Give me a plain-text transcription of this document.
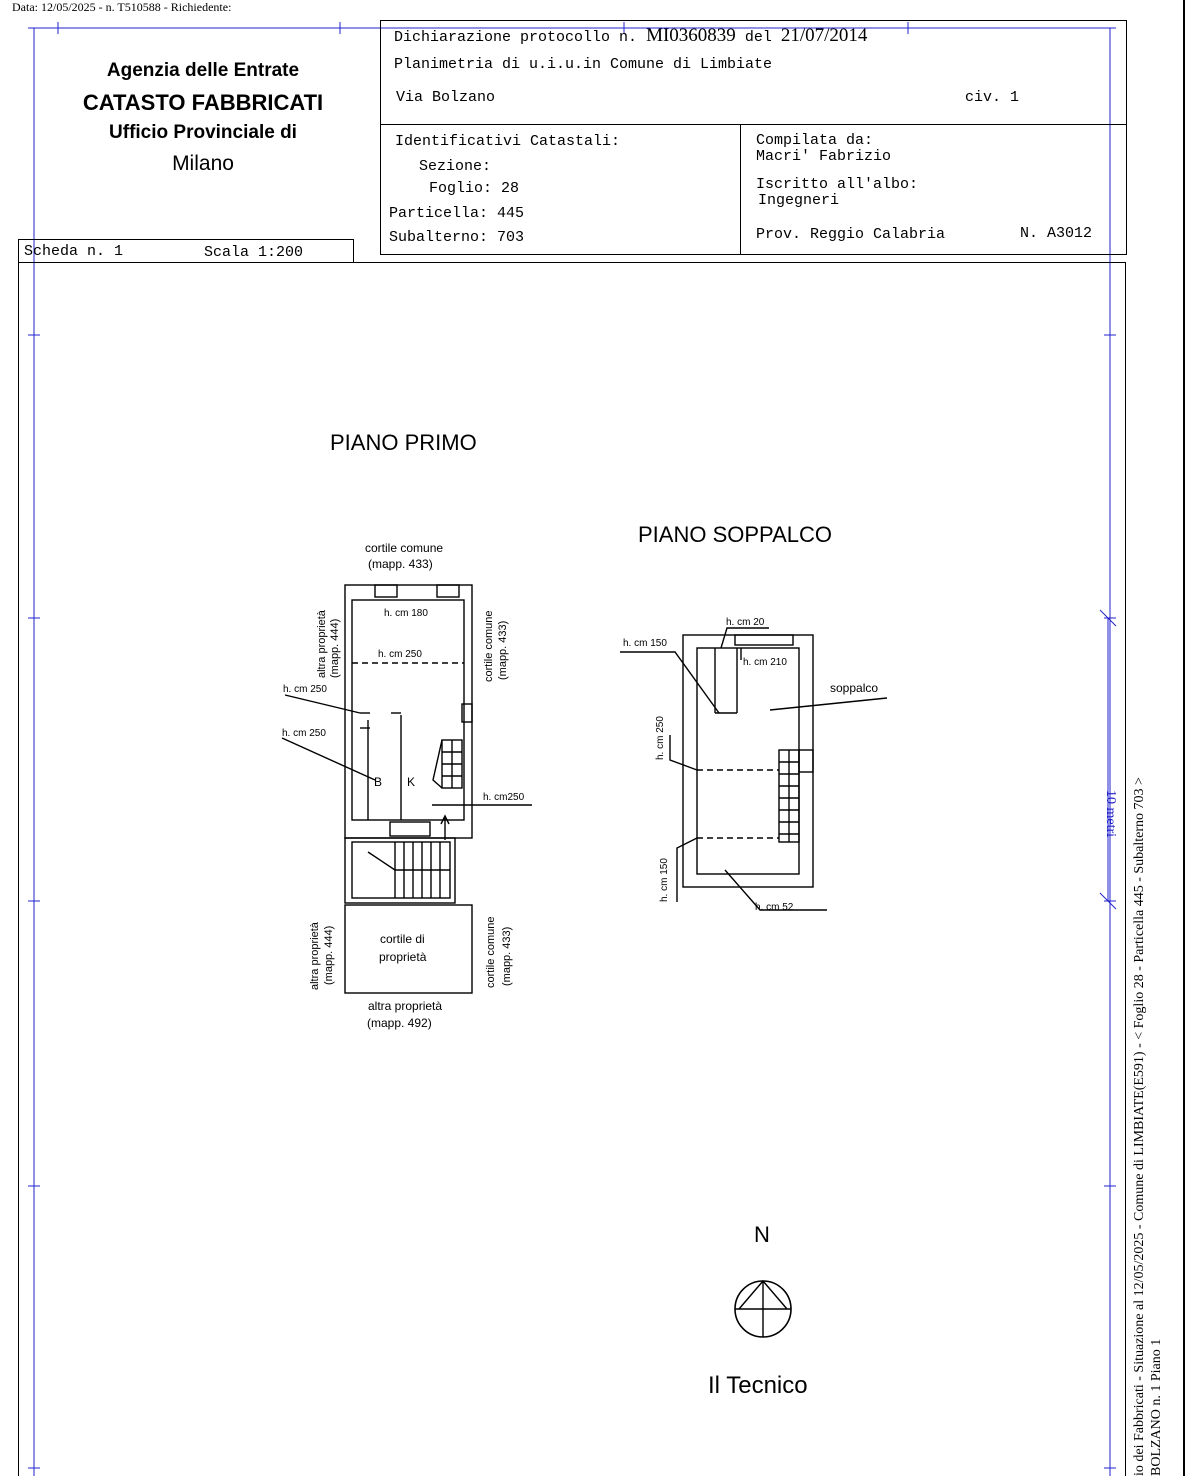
Data: 12/05/2025 - n. T510588 - Richiedente:
Agenzia delle Entrate
CATASTO FABBRICATI
Ufficio Provinciale di
Milano
Dichiarazione protocollo n. MI0360839 del 21/07/2014
Planimetria di u.i.u.in Comune di Limbiate
Via Bolzano	civ. 1
Identificativi Catastali:
Sezione:
Foglio: 28
Particella: 445
Subalterno: 703
Compilata da:
Macri' Fabrizio
Iscritto all'albo:
Ingegneri
Prov. Reggio Calabria	N. A3012
Scheda n. 1	Scala 1:200
PIANO PRIMO
PIANO SOPPALCO
cortile comune
(mapp. 433)
h. cm 180
h. cm 250
h. cm 250
h. cm 250
B K
h. cm250
cortile di
proprietà
altra proprietà
(mapp. 492)
altra proprietà (mapp. 444)	cortile comune (mapp. 433)
altra proprietà (mapp. 444)	cortile comune (mapp. 433)
h. cm 20
h. cm 150
h. cm 210
soppalco
h. cm 250
h. cm 150
h. cm 52
N
Il Tecnico
10 metri io dei Fabbricati - Situazione al 12/05/2025 - Comune di LIMBIATE(E591) - < Foglio 28 - Particella 445 - Subalterno 703 > BOLZANO n. 1 Piano 1
